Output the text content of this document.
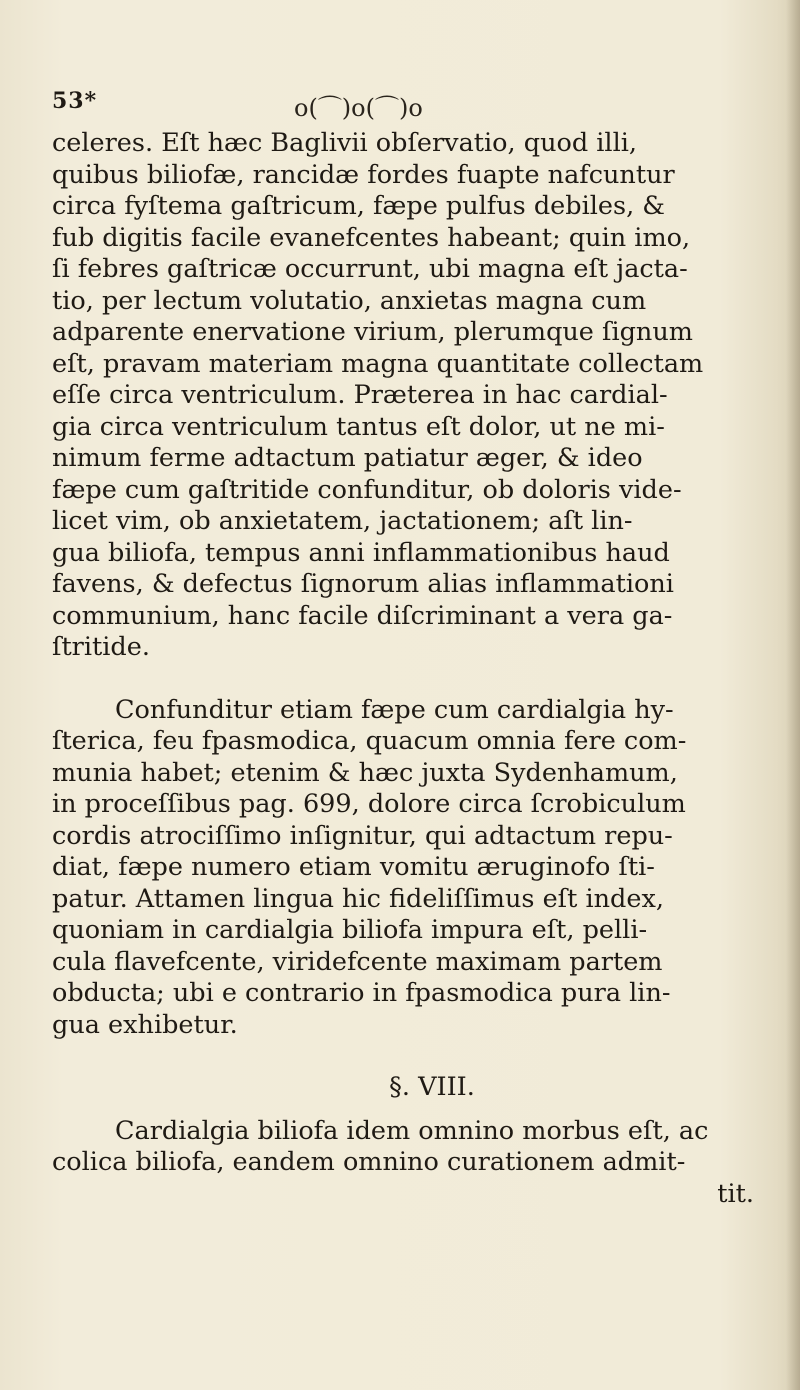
53*	o(⌒)o(⌒)o
celeres. Eſt hæc Baglivii obſervatio, quod illi,
quibus biliofæ, rancidæ fordes fuapte nafcuntur
circa fyſtema gaſtricum, fæpe pulfus debiles, &
fub digitis facile evanefcentes habeant; quin imo,
ſi febres gaſtricæ occurrunt, ubi magna eſt jacta-
tio, per lectum volutatio, anxietas magna cum
adparente enervatione virium, plerumque ſignum
eſt, pravam materiam magna quantitate collectam
eſſe circa ventriculum. Præterea in hac cardial-
gia circa ventriculum tantus eſt dolor, ut ne mi-
nimum ferme adtactum patiatur æger, & ideo
fæpe cum gaſtritide confunditur, ob doloris vide-
licet vim, ob anxietatem, jactationem; aſt lin-
gua biliofa, tempus anni inflammationibus haud
favens, & defectus ſignorum alias inflammationi
communium, hanc facile diſcriminant a vera ga-
ſtritide.
Confunditur etiam fæpe cum cardialgia hy-
ſterica, feu fpasmodica, quacum omnia fere com-
munia habet; etenim & hæc juxta Sydenhamum,
in proceſſibus pag. 699, dolore circa ſcrobiculum
cordis atrociſſimo inſignitur, qui adtactum repu-
diat, fæpe numero etiam vomitu æruginofo ſti-
patur. Attamen lingua hic fideliſſimus eſt index,
quoniam in cardialgia biliofa impura eſt, pelli-
cula flavefcente, viridefcente maximam partem
obducta; ubi e contrario in fpasmodica pura lin-
gua exhibetur.
§. VIII.
Cardialgia biliofa idem omnino morbus eſt, ac
colica biliofa, eandem omnino curationem admit-
tit.
